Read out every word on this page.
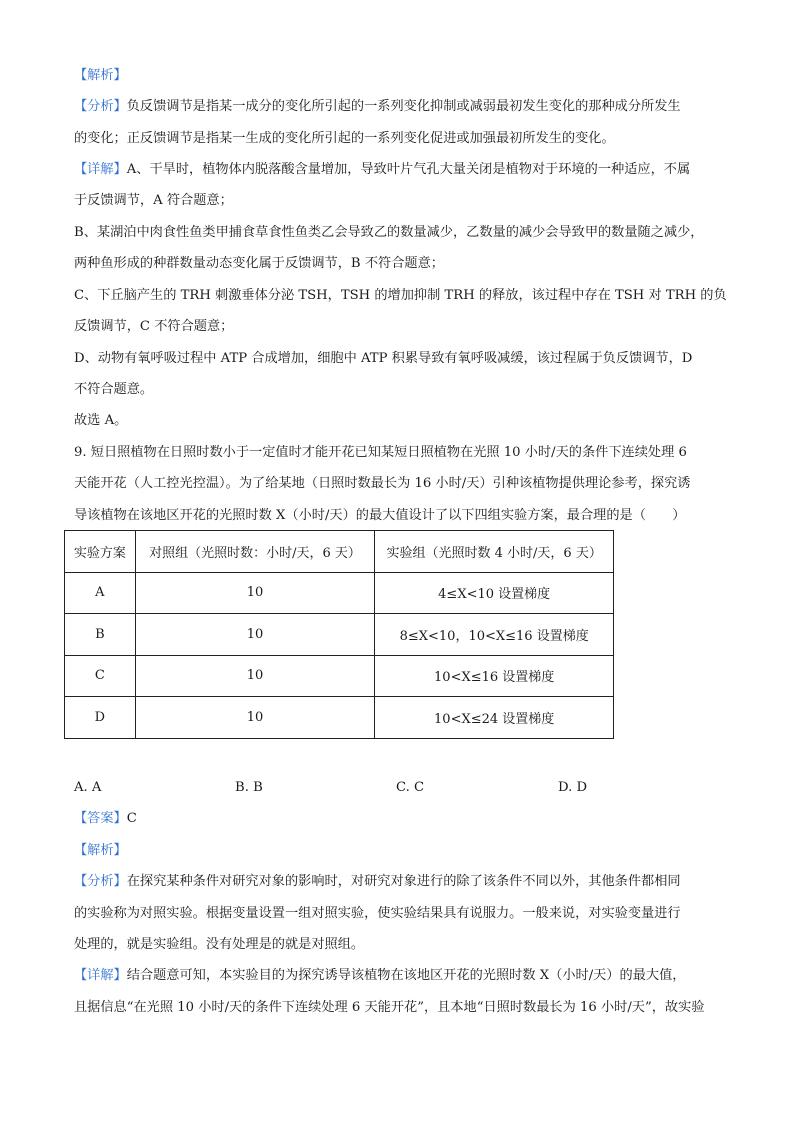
【解析】
【分析】负反馈调节是指某一成分的变化所引起的一系列变化抑制或减弱最初发生变化的那种成分所发生
的变化；正反馈调节是指某一生成的变化所引起的一系列变化促进或加强最初所发生的变化。
【详解】A、干旱时，植物体内脱落酸含量增加，导致叶片气孔大量关闭是植物对于环境的一种适应，不属
于反馈调节，A 符合题意；
B、某湖泊中肉食性鱼类甲捕食草食性鱼类乙会导致乙的数量减少，乙数量的减少会导致甲的数量随之减少，
两种鱼形成的种群数量动态变化属于反馈调节，B 不符合题意；
C、下丘脑产生的 TRH 刺激垂体分泌 TSH，TSH 的增加抑制 TRH 的释放，该过程中存在 TSH 对 TRH 的负
反馈调节，C 不符合题意；
D、动物有氧呼吸过程中 ATP 合成增加，细胞中 ATP 积累导致有氧呼吸减缓，该过程属于负反馈调节，D
不符合题意。
故选 A。
9. 短日照植物在日照时数小于一定值时才能开花已知某短日照植物在光照 10 小时/天的条件下连续处理 6
天能开花（人工控光控温）。为了给某地（日照时数最长为 16 小时/天）引种该植物提供理论参考，探究诱
导该植物在该地区开花的光照时数 X（小时/天）的最大值设计了以下四组实验方案，最合理的是（　　）
实验方案	对照组（光照时数：小时/天，6 天）	实验组（光照时数 4 小时/天，6 天）
A	10	4≤X<10 设置梯度
B	10	8≤X<10，10<X≤16 设置梯度
C	10	10<X≤16 设置梯度
D	10	10<X≤24 设置梯度
A. A	B. B	C. C	D. D
【答案】C
【解析】
【分析】在探究某种条件对研究对象的影响时，对研究对象进行的除了该条件不同以外，其他条件都相同
的实验称为对照实验。根据变量设置一组对照实验，使实验结果具有说服力。一般来说，对实验变量进行
处理的，就是实验组。没有处理是的就是对照组。
【详解】结合题意可知，本实验目的为探究诱导该植物在该地区开花的光照时数 X（小时/天）的最大值，
且据信息“在光照 10 小时/天的条件下连续处理 6 天能开花”，且本地“日照时数最长为 16 小时/天”，故实验
